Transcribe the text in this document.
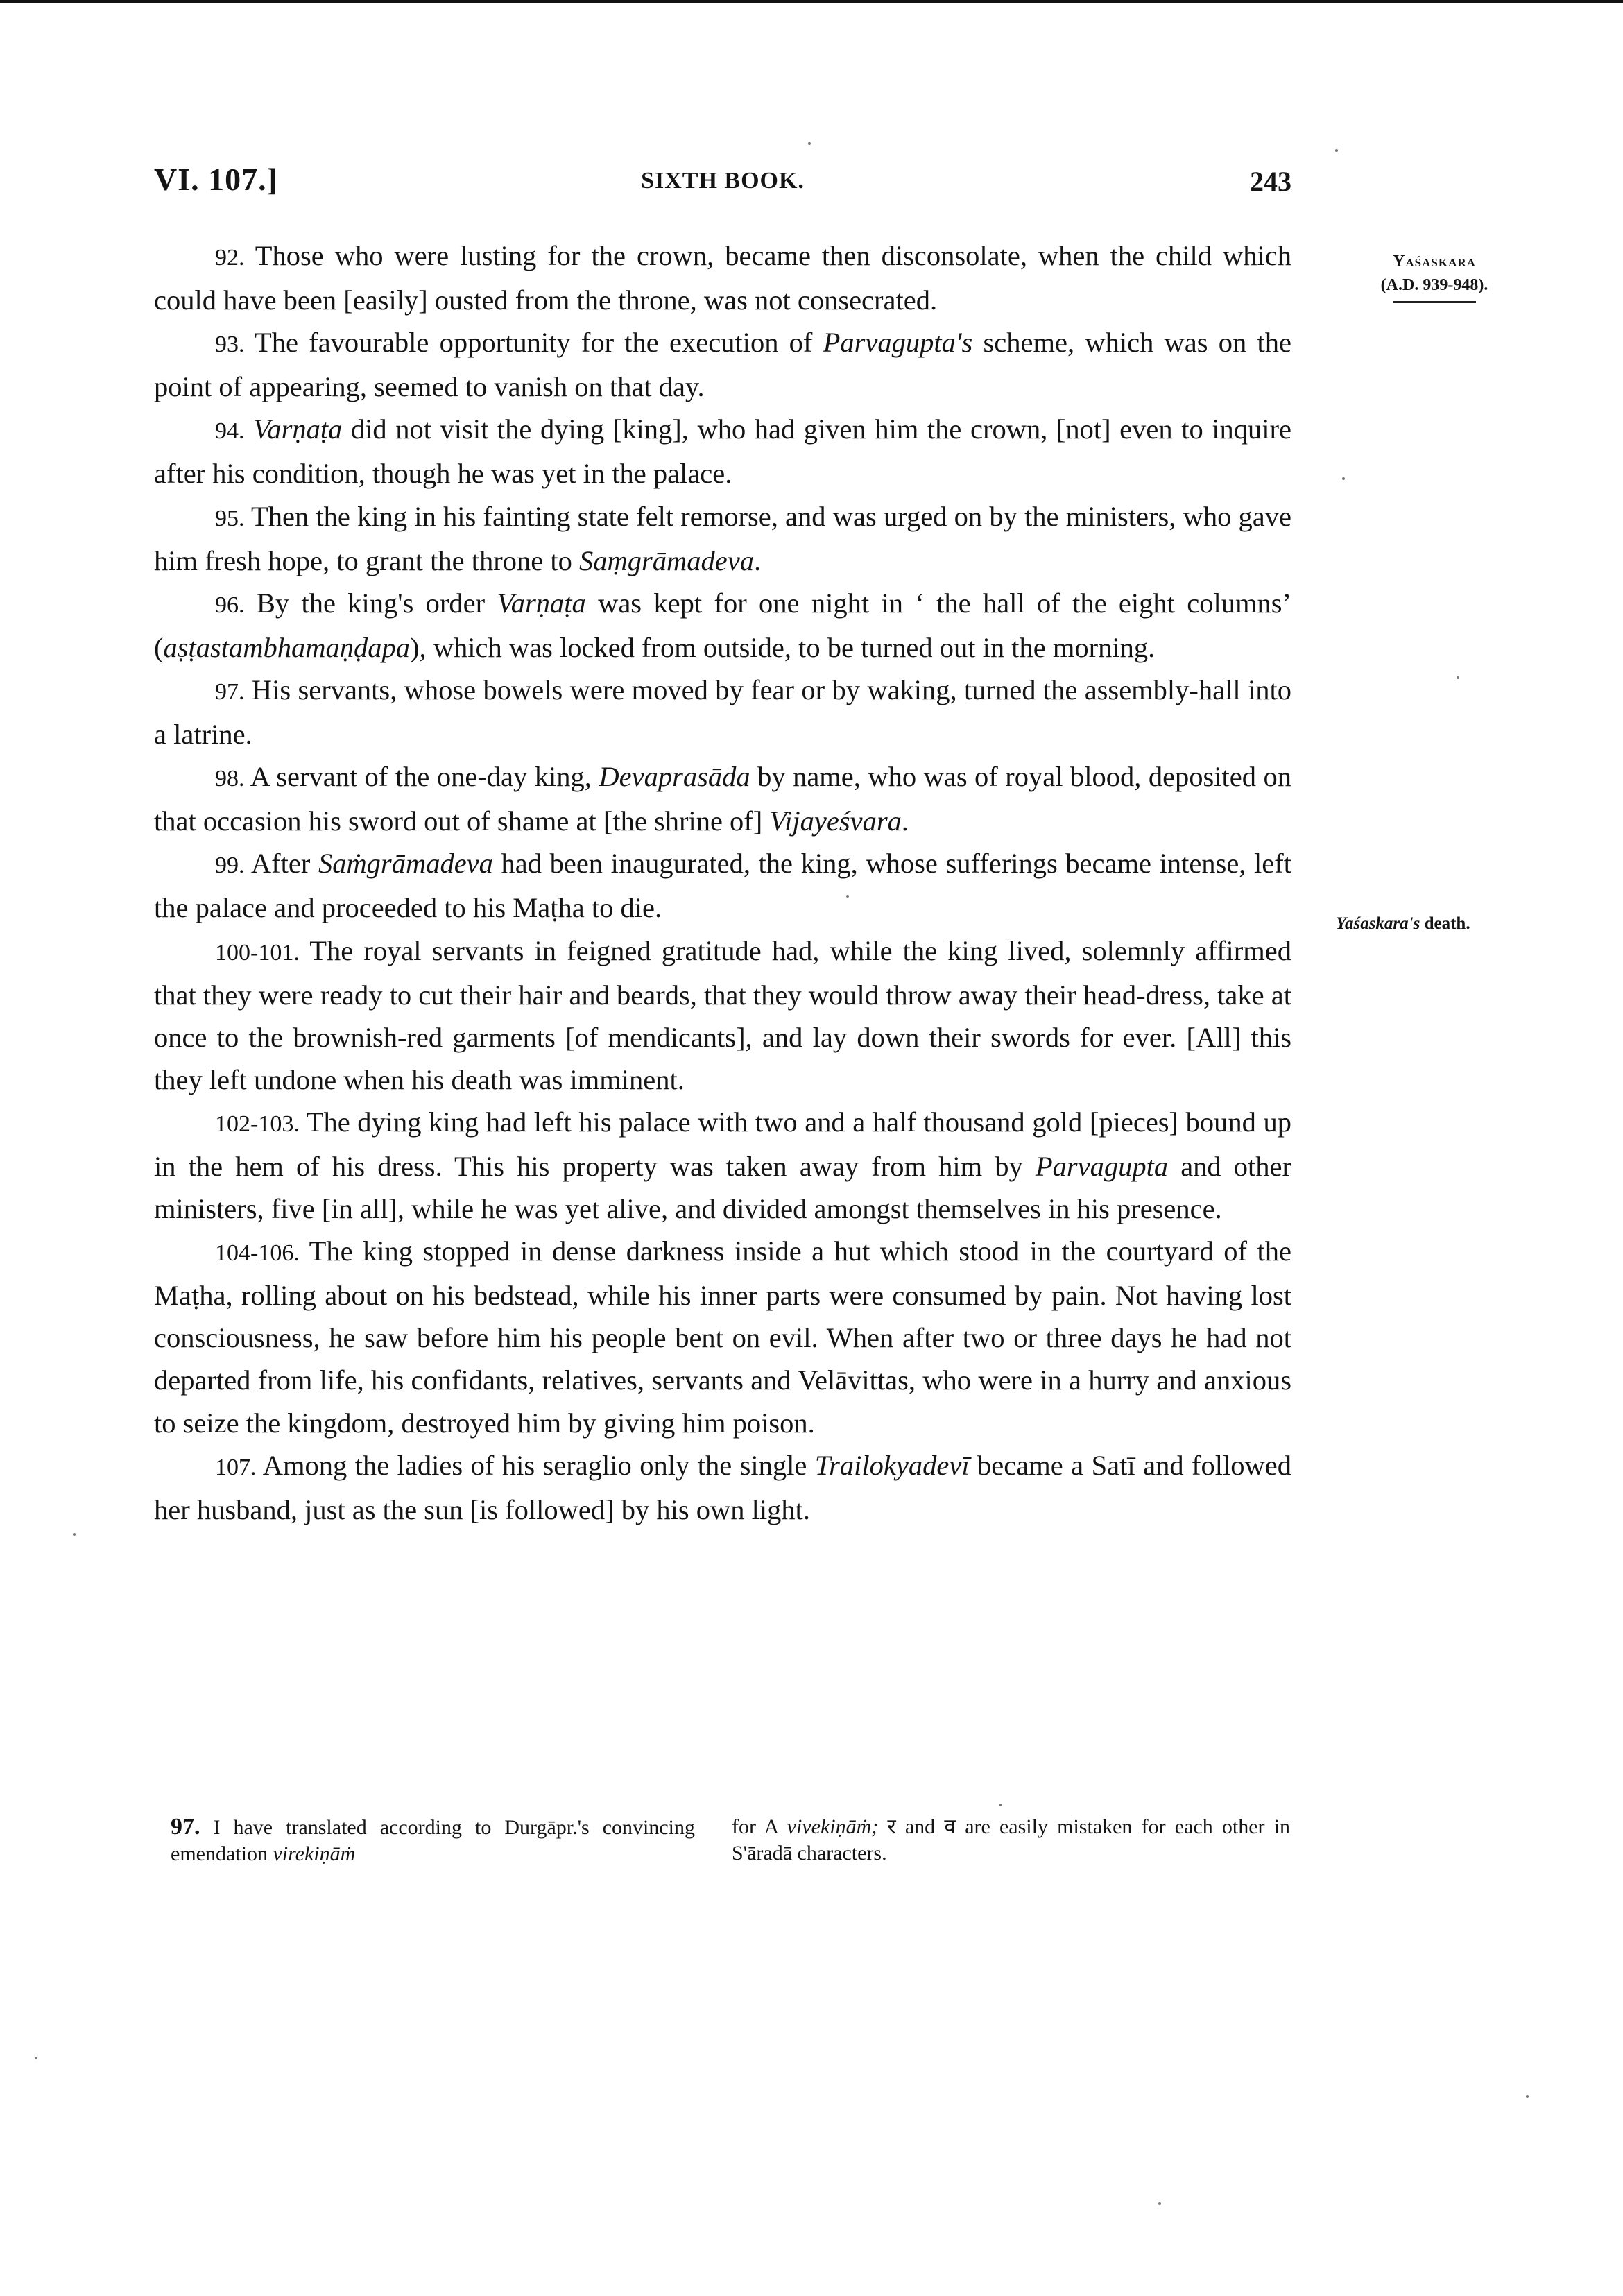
VI. 107.]	SIXTH BOOK.	243
Yaśaskara
(A.D. 939-948).
Yaśaskara's death.

92. Those who were lusting for the crown, became then disconsolate, when the child which could have been [easily] ousted from the throne, was not consecrated.

93. The favourable opportunity for the execution of Parvagupta's scheme, which was on the point of appearing, seemed to vanish on that day.

94. Varṇaṭa did not visit the dying [king], who had given him the crown, [not] even to inquire after his condition, though he was yet in the palace.

95. Then the king in his fainting state felt remorse, and was urged on by the ministers, who gave him fresh hope, to grant the throne to Saṃgrāmadeva.

96. By the king's order Varṇaṭa was kept for one night in ‘ the hall of the eight columns’ (aṣṭastambhamaṇḍapa), which was locked from outside, to be turned out in the morning.

97. His servants, whose bowels were moved by fear or by waking, turned the assembly-hall into a latrine.

98. A servant of the one-day king, Devaprasāda by name, who was of royal blood, deposited on that occasion his sword out of shame at [the shrine of] Vijayeśvara.

99. After Saṁgrāmadeva had been inaugurated, the king, whose sufferings became intense, left the palace and proceeded to his Maṭha to die.

100-101. The royal servants in feigned gratitude had, while the king lived, solemnly affirmed that they were ready to cut their hair and beards, that they would throw away their head-dress, take at once to the brownish-red garments [of mendicants], and lay down their swords for ever. [All] this they left undone when his death was imminent.

102-103. The dying king had left his palace with two and a half thousand gold [pieces] bound up in the hem of his dress. This his property was taken away from him by Parvagupta and other ministers, five [in all], while he was yet alive, and divided amongst themselves in his presence.

104-106. The king stopped in dense darkness inside a hut which stood in the courtyard of the Maṭha, rolling about on his bedstead, while his inner parts were consumed by pain. Not having lost consciousness, he saw before him his people bent on evil. When after two or three days he had not departed from life, his confidants, relatives, servants and Velāvittas, who were in a hurry and anxious to seize the kingdom, destroyed him by giving him poison.

107. Among the ladies of his seraglio only the single Trailokyadevī became a Satī and followed her husband, just as the sun [is followed] by his own light.

97. I have translated according to Durgāpr.'s convincing emendation virekiṇāṁ
for A vivekiṇāṁ; र and व are easily mistaken for each other in S'āradā characters.
